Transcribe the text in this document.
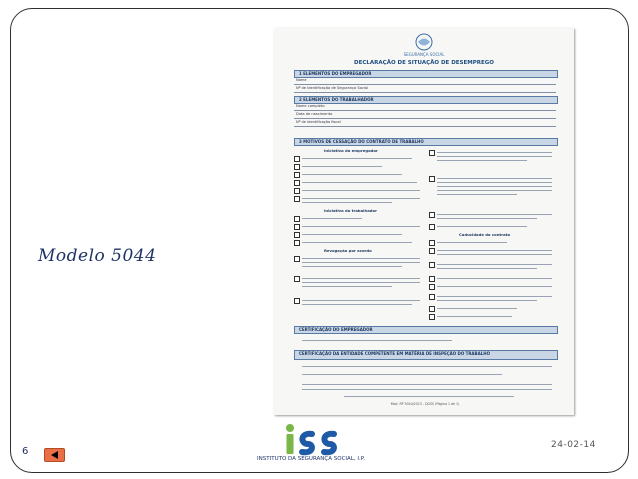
Modelo 5044
SEGURANÇA SOCIAL
DECLARAÇÃO DE SITUAÇÃO DE DESEMPREGO
1 ELEMENTOS DO EMPREGADOR
Nome
Nº de Identificação de Segurança Social
2 ELEMENTOS DO TRABALHADOR
Nome completo
Data de nascimento
Nº de identificação fiscal
3 MOTIVOS DE CESSAÇÃO DO CONTRATO DE TRABALHO
Iniciativa do empregador
Iniciativa do trabalhador
Revogação por acordo
Caducidade do contrato
CERTIFICAÇÃO DO EMPREGADOR
CERTIFICAÇÃO DA ENTIDADE COMPETENTE EM MATÉRIA DE INSPEÇÃO DO TRABALHO
Mod. RP 5044/2013 - DGSS (Página 1 de 1)
INSTITUTO DA SEGURANÇA SOCIAL, I.P.
6
24-02-14
